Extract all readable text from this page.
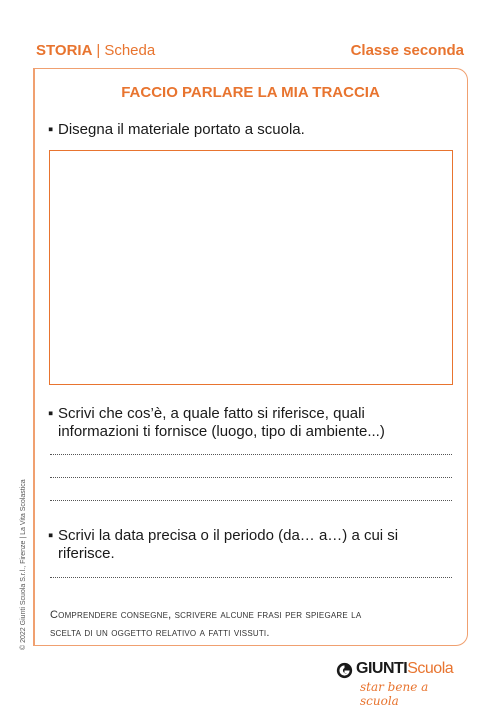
STORIA | Scheda	Classe seconda
FACCIO PARLARE LA MIA TRACCIA
▪ Disegna il materiale portato a scuola.
▪ Scrivi che cos’è, a quale fatto si riferisce, quali
informazioni ti fornisce (luogo, tipo di ambiente...)
▪ Scrivi la data precisa o il periodo (da… a…) a cui si
riferisce.
Comprendere consegne, scrivere alcune frasi per spiegare la
scelta di un oggetto relativo a fatti vissuti.
© 2022 Giunti Scuola S.r.l., Firenze | La Vita Scolastica
GIUNTIScuola
star bene a scuola
